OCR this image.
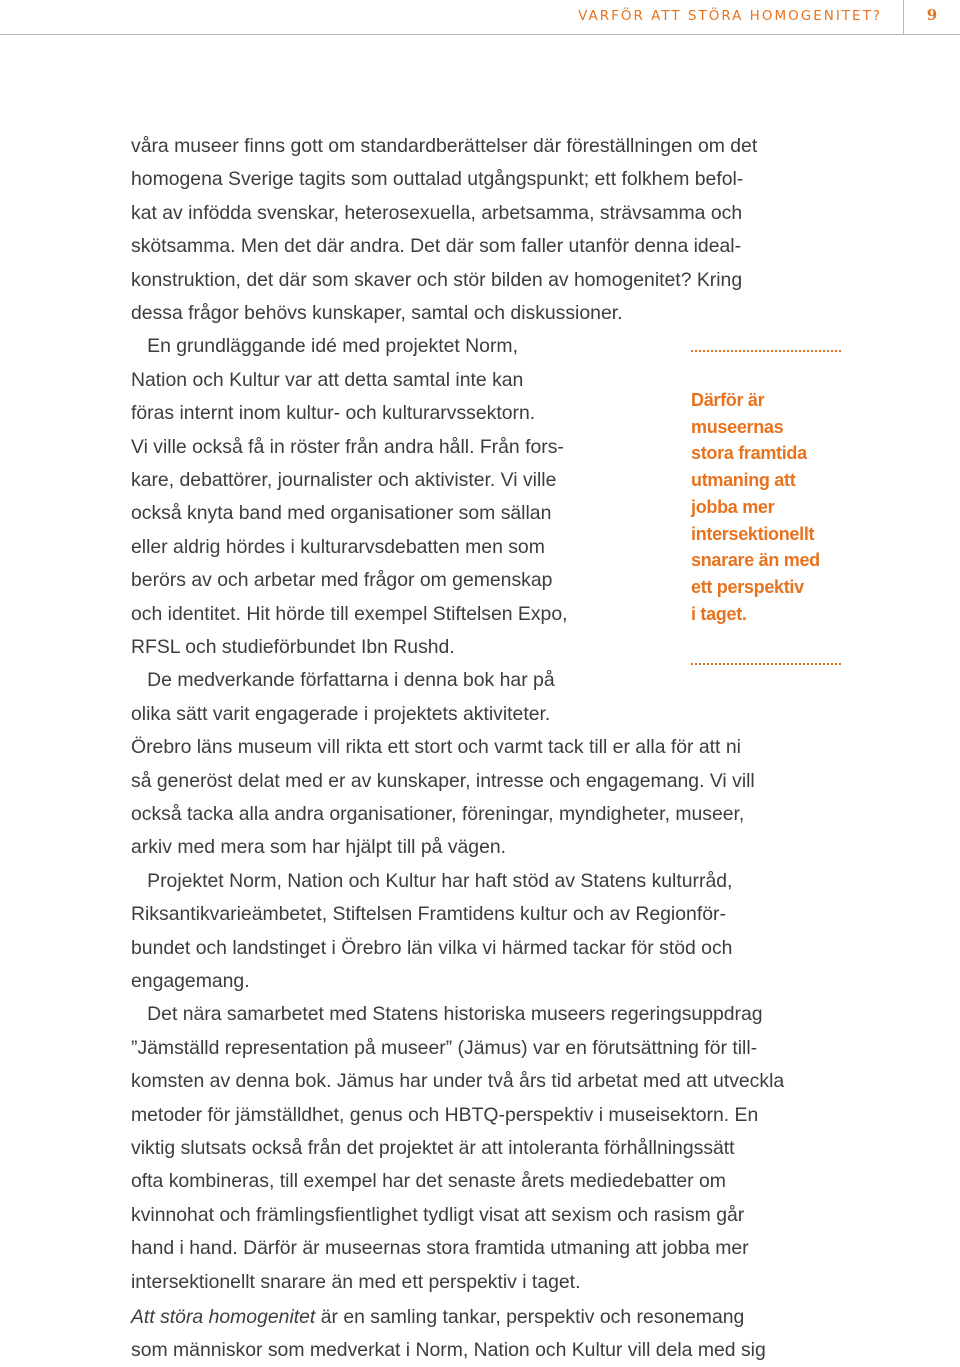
VARFÖR ATT STÖRA HOMOGENITET?	9
våra museer finns gott om standardberättelser där föreställningen om det
homogena Sverige tagits som outtalad utgångspunkt; ett folkhem befol-
kat av infödda svenskar, heterosexuella, arbetsamma, strävsamma och
skötsamma. Men det där andra. Det där som faller utanför denna ideal-
konstruktion, det där som skaver och stör bilden av homogenitet? Kring
dessa frågor behövs kunskaper, samtal och diskussioner.
En grundläggande idé med projektet Norm,
Nation och Kultur var att detta samtal inte kan
föras internt inom kultur- och kulturarvssektorn.
Vi ville också få in röster från andra håll. Från fors-
kare, debattörer, journalister och aktivister. Vi ville
också knyta band med organisationer som sällan
eller aldrig hördes i kulturarvsdebatten men som
berörs av och arbetar med frågor om gemenskap
och identitet. Hit hörde till exempel Stiftelsen Expo,
RFSL och studieförbundet Ibn Rushd.
De medverkande författarna i denna bok har på
olika sätt varit engagerade i projektets aktiviteter.
Örebro läns museum vill rikta ett stort och varmt tack till er alla för att ni
så generöst delat med er av kunskaper, intresse och engagemang. Vi vill
också tacka alla andra organisationer, föreningar, myndigheter, museer,
arkiv med mera som har hjälpt till på vägen.
Projektet Norm, Nation och Kultur har haft stöd av Statens kulturråd,
Riksantikvarieämbetet, Stiftelsen Framtidens kultur och av Regionför-
bundet och landstinget i Örebro län vilka vi härmed tackar för stöd och
engagemang.
Det nära samarbetet med Statens historiska museers regeringsuppdrag
”Jämställd representation på museer” (Jämus) var en förutsättning för till-
komsten av denna bok. Jämus har under två års tid arbetat med att utveckla
metoder för jämställdhet, genus och HBTQ-perspektiv i museisektorn. En
viktig slutsats också från det projektet är att intoleranta förhållningssätt
ofta kombineras, till exempel har det senaste årets mediedebatter om
kvinnohat och främlingsfientlighet tydligt visat att sexism och rasism går
hand i hand. Därför är museernas stora framtida utmaning att jobba mer
intersektionellt snarare än med ett perspektiv i taget.
Att störa homogenitet är en samling tankar, perspektiv och resonemang
som människor som medverkat i Norm, Nation och Kultur vill dela med sig
Därför är
museernas
stora framtida
utmaning att
jobba mer
intersektionellt
snarare än med
ett perspektiv
i taget.
